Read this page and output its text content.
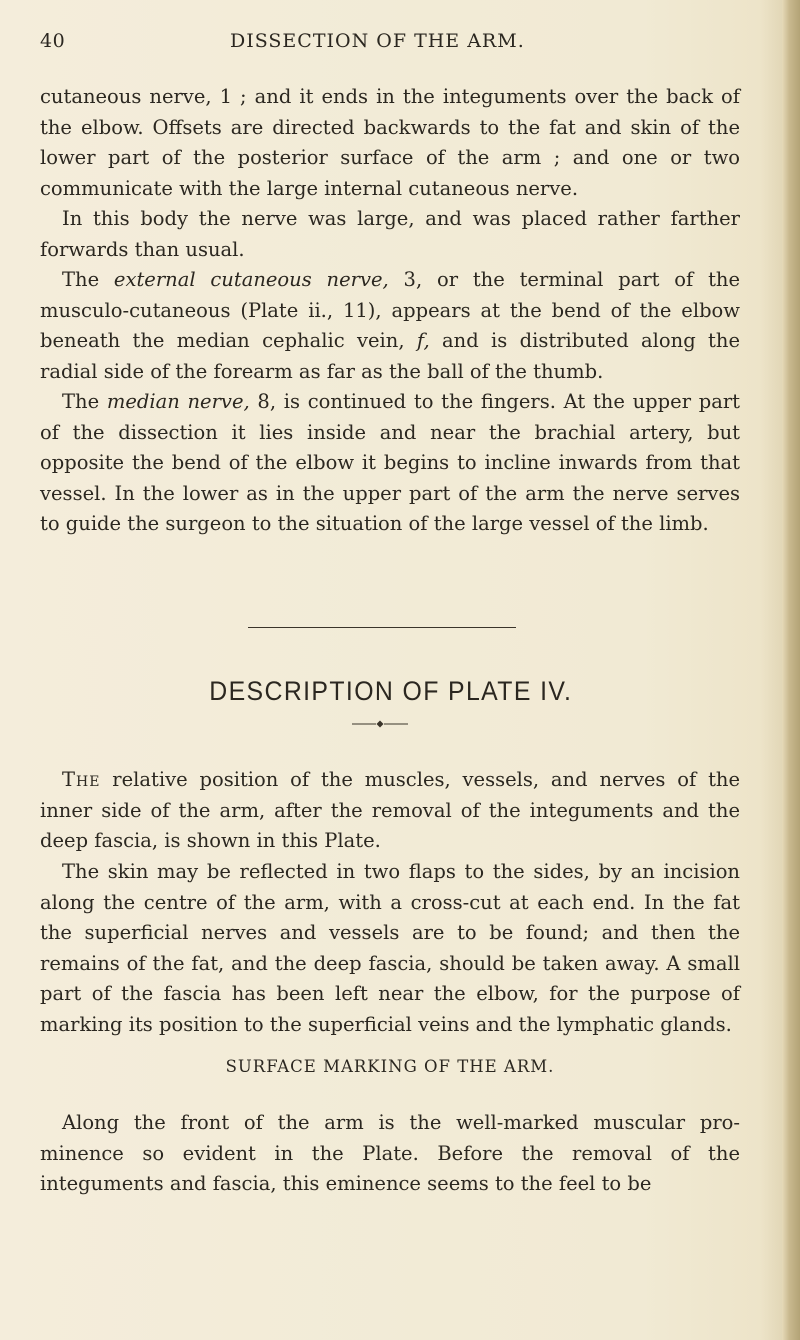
40	DISSECTION OF THE ARM.

cutaneous nerve, 1 ; and it ends in the integuments over the back of the elbow. Offsets are directed backwards to the fat and skin of the lower part of the posterior surface of the arm ; and one or two communicate with the large internal cutaneous nerve.

In this body the nerve was large, and was placed rather farther forwards than usual.

The external cutaneous nerve, 3, or the terminal part of the musculo-cutaneous (Plate ii., 11), appears at the bend of the elbow beneath the median cephalic vein, f, and is distributed along the radial side of the forearm as far as the ball of the thumb.

The median nerve, 8, is continued to the fingers. At the upper part of the dissection it lies inside and near the brachial artery, but opposite the bend of the elbow it begins to incline inwards from that vessel. In the lower as in the upper part of the arm the nerve serves to guide the surgeon to the situation of the large vessel of the limb.

DESCRIPTION OF PLATE IV.

The relative position of the muscles, vessels, and nerves of the inner side of the arm, after the removal of the integuments and the deep fascia, is shown in this Plate.

The skin may be reflected in two flaps to the sides, by an incision along the centre of the arm, with a cross-cut at each end. In the fat the superficial nerves and vessels are to be found; and then the remains of the fat, and the deep fascia, should be taken away. A small part of the fascia has been left near the elbow, for the purpose of marking its position to the superficial veins and the lymphatic glands.

SURFACE MARKING OF THE ARM.

Along the front of the arm is the well-marked muscular pro- minence so evident in the Plate. Before the removal of the integuments and fascia, this eminence seems to the feel to be
